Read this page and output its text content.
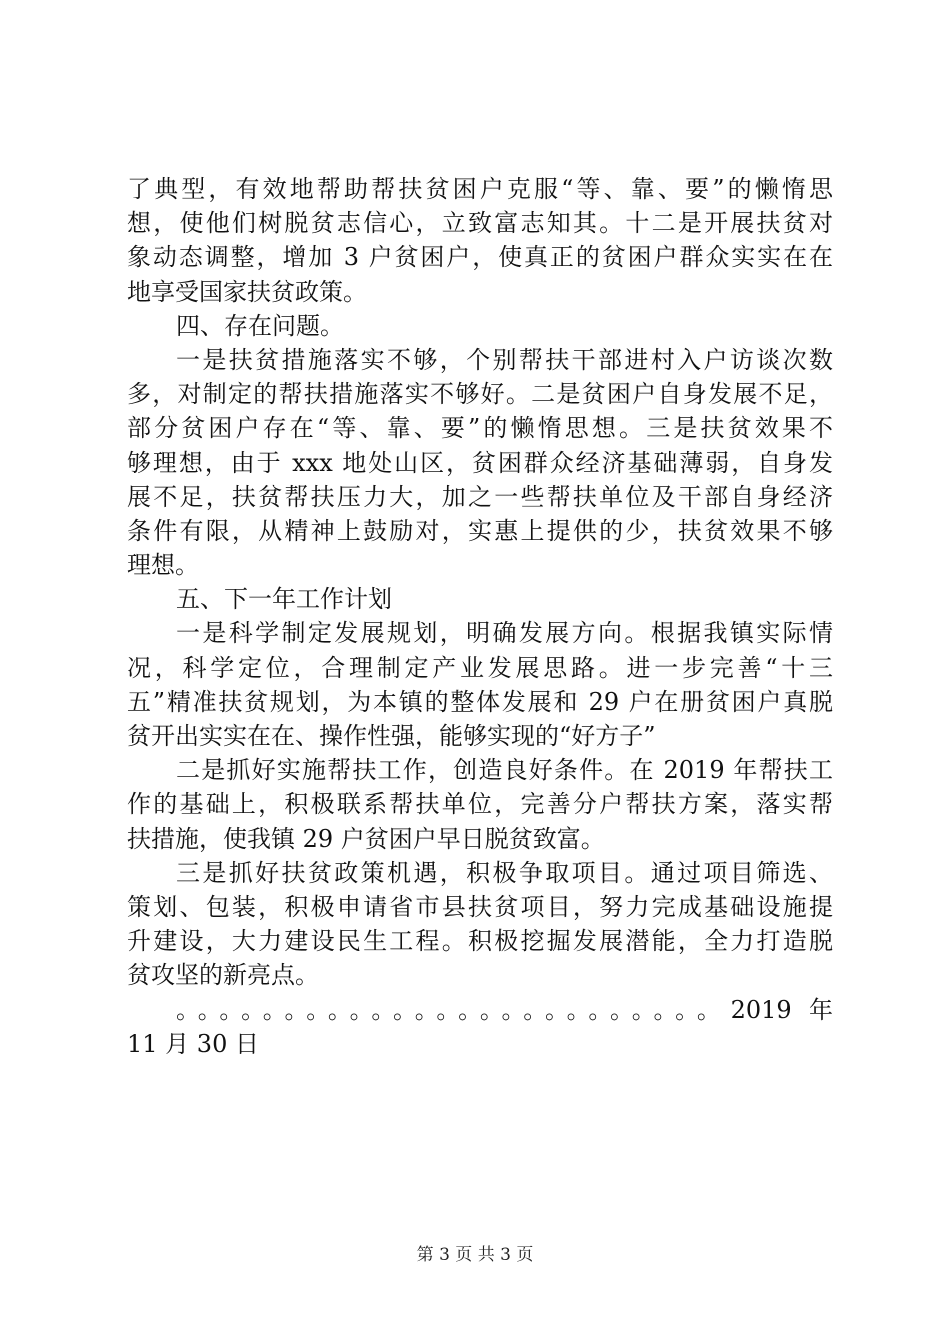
了典型，有效地帮助帮扶贫困户克服“等、靠、要”的懒惰思
想，使他们树脱贫志信心，立致富志知其。十二是开展扶贫对
象动态调整，增加 3 户贫困户，使真正的贫困户群众实实在在
地享受国家扶贫政策。
四、存在问题。
一是扶贫措施落实不够，个别帮扶干部进村入户访谈次数
多，对制定的帮扶措施落实不够好。二是贫困户自身发展不足，
部分贫困户存在“等、靠、要”的懒惰思想。三是扶贫效果不
够理想，由于 xxx 地处山区，贫困群众经济基础薄弱，自身发
展不足，扶贫帮扶压力大，加之一些帮扶单位及干部自身经济
条件有限，从精神上鼓励对，实惠上提供的少，扶贫效果不够
理想。
五、下一年工作计划
一是科学制定发展规划，明确发展方向。根据我镇实际情
况，科学定位，合理制定产业发展思路。进一步完善“十三
五”精准扶贫规划，为本镇的整体发展和 29 户在册贫困户真脱
贫开出实实在在、操作性强，能够实现的“好方子”
二是抓好实施帮扶工作，创造良好条件。在 2019 年帮扶工
作的基础上，积极联系帮扶单位，完善分户帮扶方案，落实帮
扶措施，使我镇 29 户贫困户早日脱贫致富。
三是抓好扶贫政策机遇，积极争取项目。通过项目筛选、
策划、包装，积极申请省市县扶贫项目，努力完成基础设施提
升建设，大力建设民生工程。积极挖掘发展潜能，全力打造脱
贫攻坚的新亮点。
。。。。。。。。。。。。。。。。。。。。。。。。。2019 年
11 月 30 日
第 3 页 共 3 页
